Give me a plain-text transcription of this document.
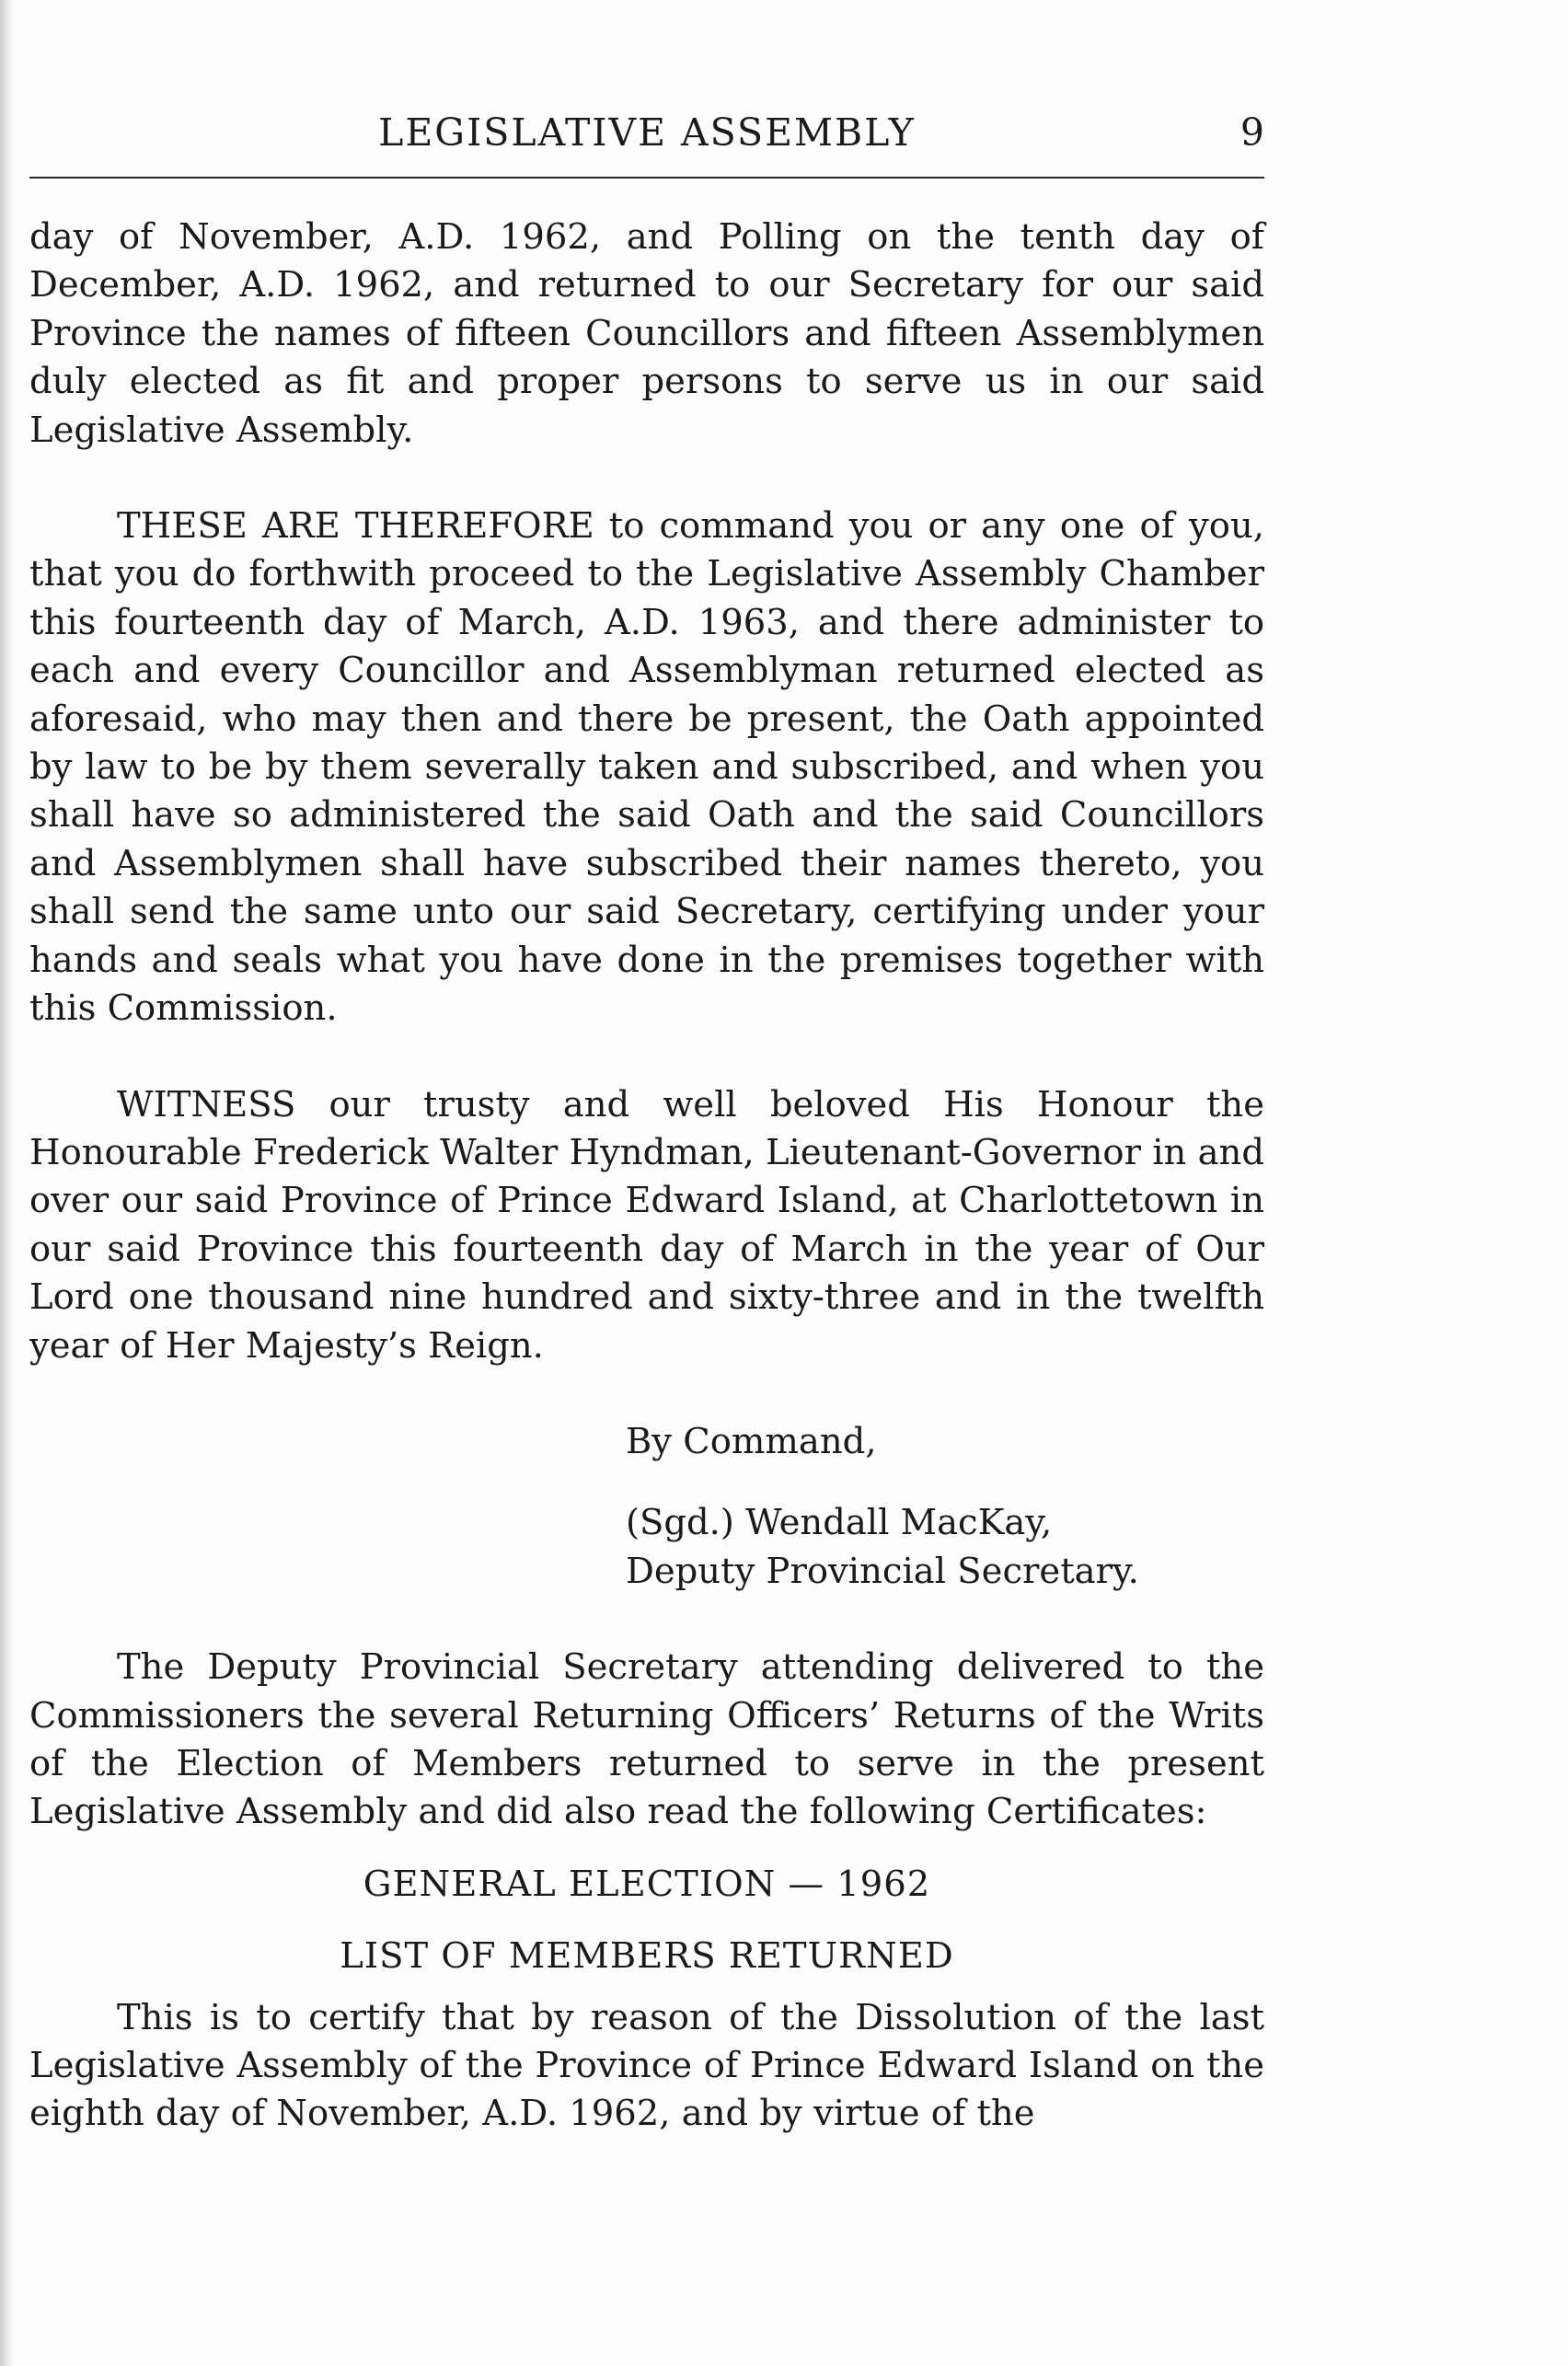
LEGISLATIVE ASSEMBLY	9

day of November, A.D. 1962, and Polling on the tenth day of December, A.D. 1962, and returned to our Secretary for our said Province the names of fifteen Councillors and fifteen Assemblymen duly elected as fit and proper persons to serve us in our said Legislative Assembly.

THESE ARE THEREFORE to command you or any one of you, that you do forthwith proceed to the Legislative Assembly Chamber this fourteenth day of March, A.D. 1963, and there administer to each and every Councillor and Assemblyman returned elected as aforesaid, who may then and there be present, the Oath appointed by law to be by them severally taken and subscribed, and when you shall have so administered the said Oath and the said Councillors and Assemblymen shall have subscribed their names thereto, you shall send the same unto our said Secretary, certifying under your hands and seals what you have done in the premises together with this Commission.

WITNESS our trusty and well beloved His Honour the Honourable Frederick Walter Hyndman, Lieutenant-Governor in and over our said Province of Prince Edward Island, at Charlottetown in our said Province this fourteenth day of March in the year of Our Lord one thousand nine hundred and sixty-three and in the twelfth year of Her Majesty’s Reign.

By Command,
(Sgd.) Wendall MacKay,
Deputy Provincial Secretary.

The Deputy Provincial Secretary attending delivered to the Commissioners the several Returning Officers’ Returns of the Writs of the Election of Members returned to serve in the present Legislative Assembly and did also read the following Certificates:

GENERAL ELECTION — 1962

LIST OF MEMBERS RETURNED

This is to certify that by reason of the Dissolution of the last Legislative Assembly of the Province of Prince Edward Island on the eighth day of November, A.D. 1962, and by virtue of the
